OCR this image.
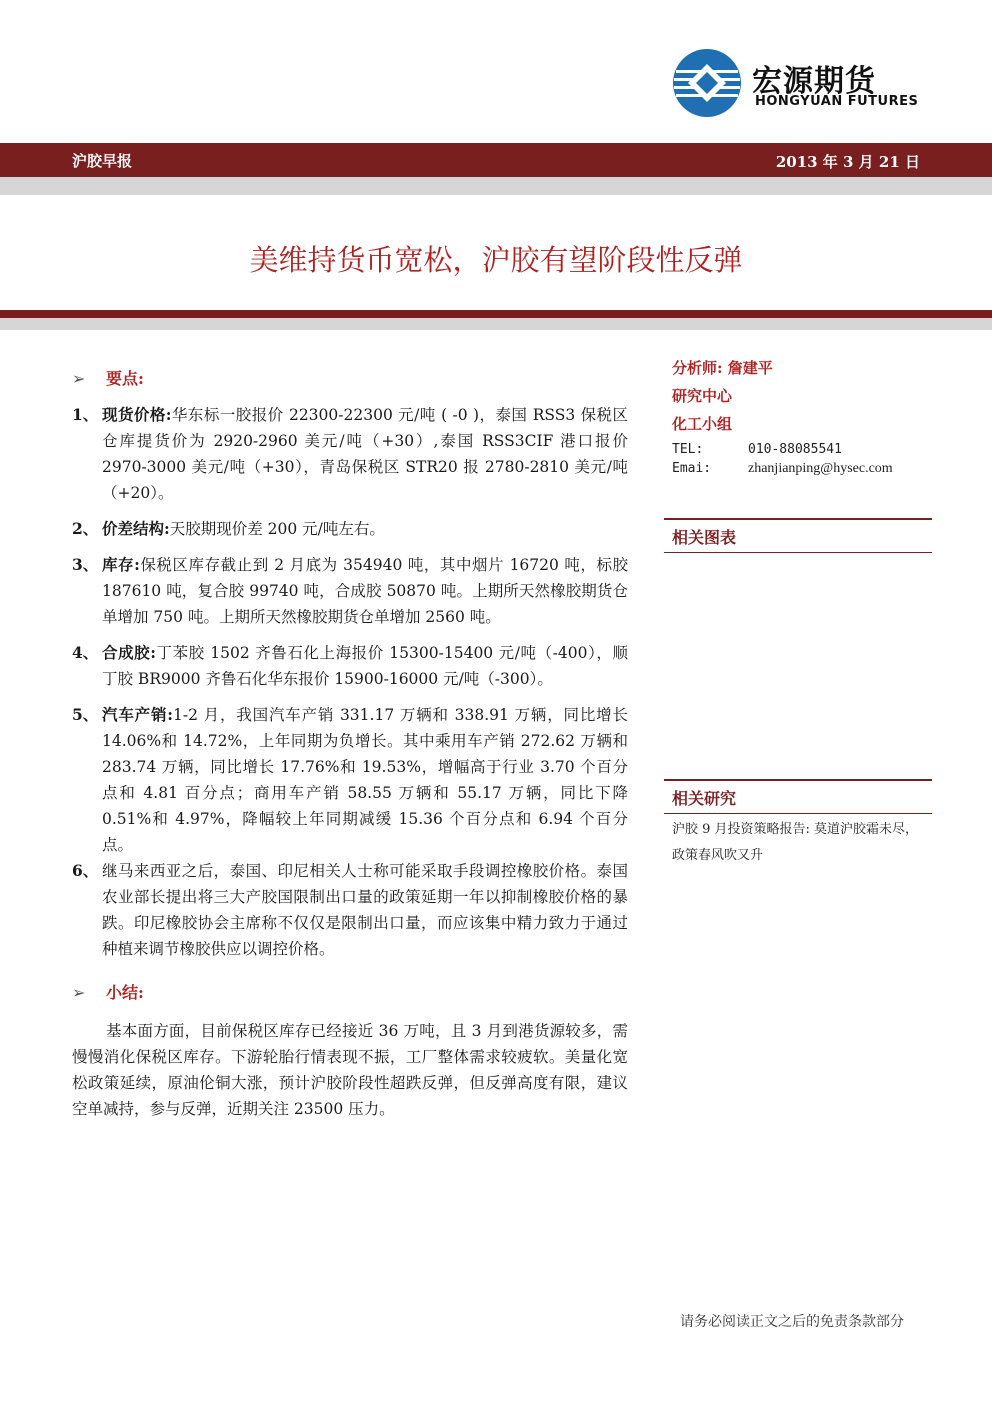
宏源期货
HONGYUAN FUTURES
沪胶早报	2013 年 3 月 21 日
美维持货币宽松，沪胶有望阶段性反弹
➢	要点:
1、 现货价格:华东标一胶报价 22300-22300 元/吨 ( -0 )，泰国 RSS3 保税区仓库提货价为 2920-2960 美元/吨（+30）,泰国 RSS3CIF 港口报价 2970-3000 美元/吨（+30），青岛保税区 STR20 报 2780-2810 美元/吨（+20）。
2、 价差结构:天胶期现价差 200 元/吨左右。
3、 库存:保税区库存截止到 2 月底为 354940 吨，其中烟片 16720 吨，标胶 187610 吨，复合胶 99740 吨，合成胶 50870 吨。上期所天然橡胶期货仓单增加 750 吨。上期所天然橡胶期货仓单增加 2560 吨。
4、 合成胶:丁苯胶 1502 齐鲁石化上海报价 15300-15400 元/吨（-400），顺丁胶 BR9000 齐鲁石化华东报价 15900-16000 元/吨（-300）。
5、 汽车产销:1-2 月，我国汽车产销 331.17 万辆和 338.91 万辆，同比增长 14.06%和 14.72%，上年同期为负增长。其中乘用车产销 272.62 万辆和 283.74 万辆，同比增长 17.76%和 19.53%，增幅高于行业 3.70 个百分点和 4.81 百分点；商用车产销 58.55 万辆和 55.17 万辆，同比下降 0.51%和 4.97%，降幅较上年同期减缓 15.36 个百分点和 6.94 个百分点。
6、 继马来西亚之后，泰国、印尼相关人士称可能采取手段调控橡胶价格。泰国农业部长提出将三大产胶国限制出口量的政策延期一年以抑制橡胶价格的暴跌。印尼橡胶协会主席称不仅仅是限制出口量，而应该集中精力致力于通过种植来调节橡胶供应以调控价格。
➢	小结:
基本面方面，目前保税区库存已经接近 36 万吨，且 3 月到港货源较多，需慢慢消化保税区库存。下游轮胎行情表现不振，工厂整体需求较疲软。美量化宽松政策延续，原油伦铜大涨，预计沪胶阶段性超跌反弹，但反弹高度有限，建议空单减持，参与反弹，近期关注 23500 压力。
分析师: 詹建平
研究中心
化工小组
TEL:	010-88085541
Emai:	zhanjianping@hysec.com
相关图表
相关研究
沪胶 9 月投资策略报告: 莫道沪胶霜未尽，政策春风吹又升
请务必阅读正文之后的免责条款部分
